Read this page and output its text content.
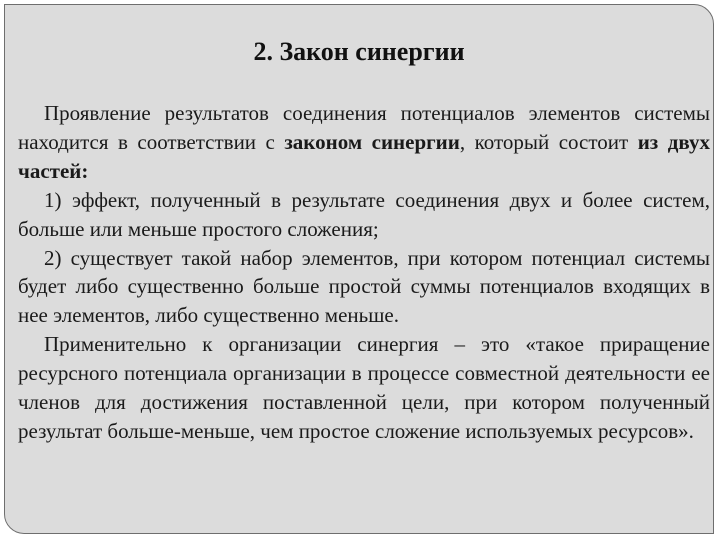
2. Закон синергии

Проявление результатов соединения потенциалов элементов системы находится в соответствии с законом синергии, который состоит из двух частей:

1) эффект, полученный в результате соединения двух и более систем, больше или меньше простого сложения;

2) существует такой набор элементов, при котором потенциал системы будет либо существенно больше простой суммы потенциалов входящих в нее элементов, либо существенно меньше.

Применительно к организации синергия – это «такое приращение ресурсного потенциала организации в процессе совместной деятельности ее членов для достижения поставленной цели, при котором полученный результат больше-меньше, чем простое сложение используемых ресурсов».
